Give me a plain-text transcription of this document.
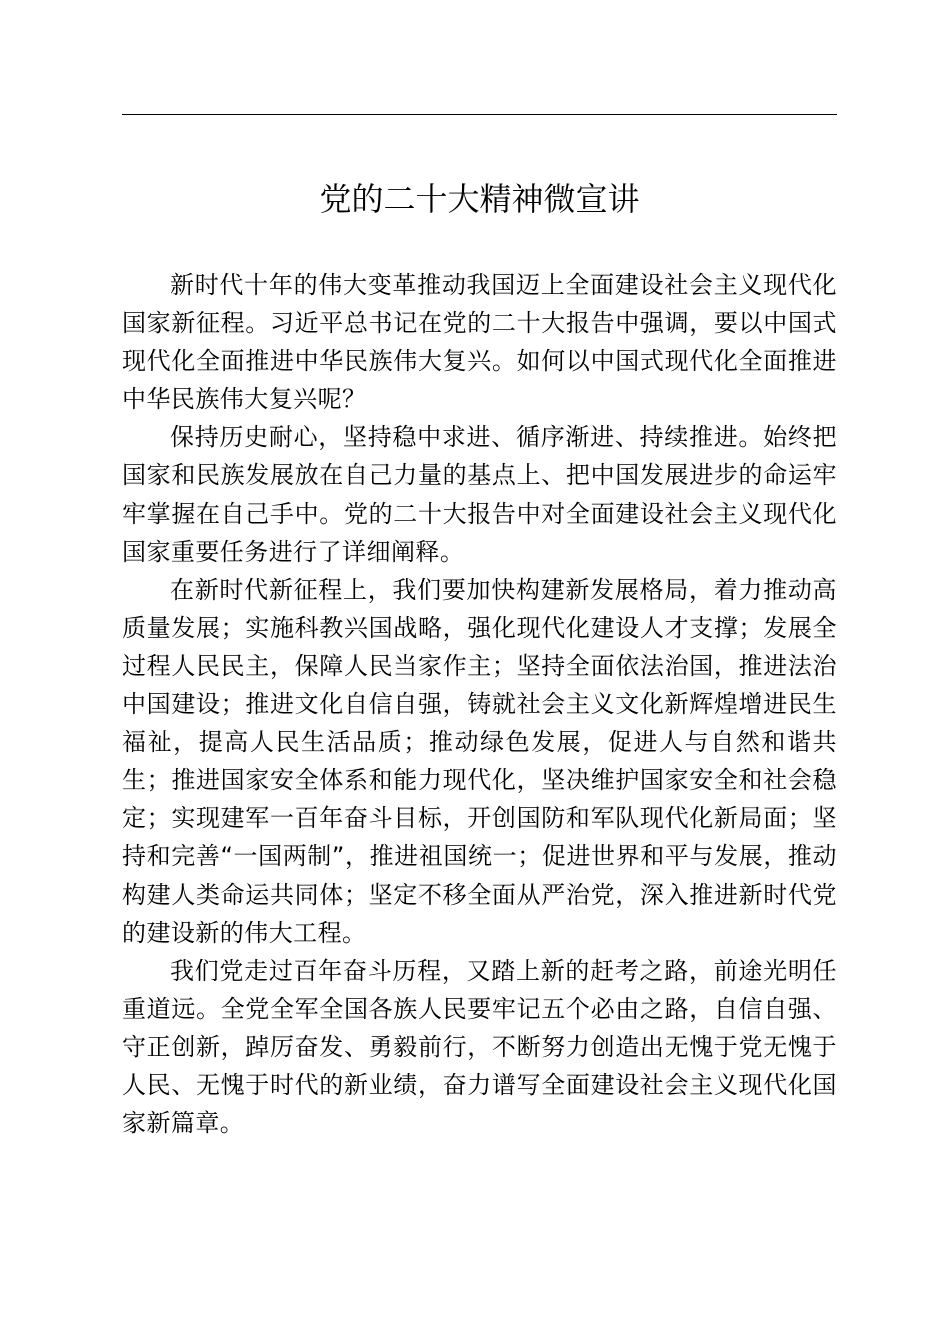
党的二十大精神微宣讲

新时代十年的伟大变革推动我国迈上全面建设社会主义现代化国家新征程。习近平总书记在党的二十大报告中强调，要以中国式现代化全面推进中华民族伟大复兴。如何以中国式现代化全面推进中华民族伟大复兴呢？

保持历史耐心，坚持稳中求进、循序渐进、持续推进。始终把国家和民族发展放在自己力量的基点上、把中国发展进步的命运牢牢掌握在自己手中。党的二十大报告中对全面建设社会主义现代化国家重要任务进行了详细阐释。

在新时代新征程上，我们要加快构建新发展格局，着力推动高质量发展；实施科教兴国战略，强化现代化建设人才支撑；发展全过程人民民主，保障人民当家作主；坚持全面依法治国，推进法治中国建设；推进文化自信自强，铸就社会主义文化新辉煌增进民生福祉，提高人民生活品质；推动绿色发展，促进人与自然和谐共生；推进国家安全体系和能力现代化，坚决维护国家安全和社会稳定；实现建军一百年奋斗目标，开创国防和军队现代化新局面；坚持和完善“一国两制”，推进祖国统一；促进世界和平与发展，推动构建人类命运共同体；坚定不移全面从严治党，深入推进新时代党的建设新的伟大工程。

我们党走过百年奋斗历程，又踏上新的赶考之路，前途光明任重道远。全党全军全国各族人民要牢记五个必由之路，自信自强、守正创新，踔厉奋发、勇毅前行，不断努力创造出无愧于党无愧于人民、无愧于时代的新业绩，奋力谱写全面建设社会主义现代化国家新篇章。
